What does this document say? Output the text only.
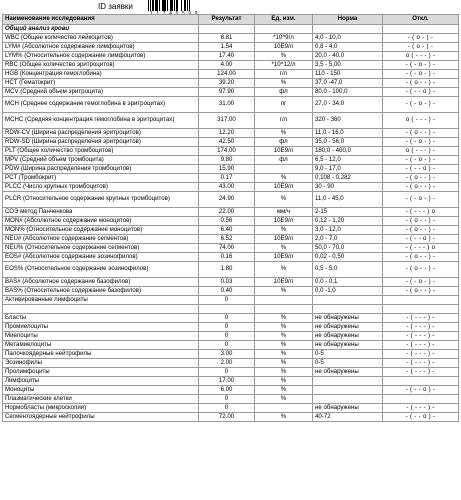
ID заявки
Наименование исследования	Результат	Ед. изм.	Норма	Откл.
Общий анализ крови				
WBC (Общее количество лейкоцитов)	8.81	*10^9/л	4,0 - 10,0	- ( o - ) -
LYM# (Абсолютное содержание лимфоцитов)	1.54	10E9/л	0,8 - 4,0	- ( o - ) -
LYM% (Относительное содержание лимфоцитов)	17.40	%	20,0 - 40,0	o ( - - - ) -
RBC (Общее количество эритроцитов)	4.00	*10^12/л	3,5 - 5,00	- ( - o - ) -
HGB (Концентрация гемоглобина)	124.00	г/л	110 - 150	- ( - o - ) -
HCT (Гематокрит)	39.20	%	37,0 -47,0	- ( o - - ) -
MCV (Средний объем эритроцита)	97.90	фл	80,0 - 100,0	- ( - - o ) -
MCH (Среднее содержание гемоглобина в эритроцитах)	31.00	пг	27,0 - 34,0	- ( - o - ) -
MCHC (Средняя концентрация гемоглобина в эритроцитах)	317.00	г/л	320 - 360	o ( - - - ) -
RDW-CV (Ширина распределения эритроцитов)	12.20	%	11,0 - 16,0	- ( o - - ) -
RDW-SD (Ширина распределения эритроцитов)	42.50	фл	35,0 - 56,0	- ( - o - ) -
PLT (Общее количество тромбоцитов)	174.00	10E9/л	180,0 - 400,0	o ( - - - ) -
MPV (Средний объем тромбоцита)	9.80	фл	6,5 - 12,0	- ( - o - ) -
PDW (Ширина распределения тромбоцитов)	15.90		9,0 - 17,0	- ( - - o ) -
PCT (Тромбокрит)	0.17	%	0,108 - 0,282	- ( o - - ) -
PLCC (Число крупных тромбоцитов)	43.00	10E9/л	30 - 90	- ( o - - ) -
PLCR (Относительное содержание крупных тромбоцитов)	24.90	%	11,0 - 45,0	- ( - o - ) -
СОЭ метод Панченкова	22.00	мм/ч	2-15	- ( - - - ) o
MON# (Абсолютное содержание моноцитов)	0.56	10E9/л	0,12 - 1,20	- ( o - - ) -
MON% (Относительное содержание моноцитов)	6.40	%	3,0 - 12,0	- ( o - - ) -
NEU# (Абсолютное содержание сегментов)	6.52	10E9/л	2,0 - 7,0	- ( - - o ) -
NEU% (Относительное содержание сегментов)	74.00	%	50,0 - 70,0	- ( - - - ) o
EOS# (Абсолютное содержание эозинофилов)	0.16	10E9/л	0,02 - 0,50	- ( o - - ) -
EOS% (Относительное содержание эозинофилов)	1.80	%	0,5 - 5,0	- ( o - - ) -
BAS# (Абсолютное содержание базофилов)	0.03	10E9/л	0,0 - 0,1	- ( - o - ) -
BAS% (Относительное содержание базофилов)	0.40	%	0,0 -1,0	- ( o - - ) -
Активированные лимфоциты	0			

Бласты	0	%	не обнаружены	- ( - - - ) -
Промиелоциты	0	%	не обнаружены	- ( - - - ) -
Миелоциты	0	%	не обнаружены	- ( - - - ) -
Метамиелоциты	0	%	не обнаружены	- ( - - - ) -
Палочкоядерные нейтрофилы	3.00	%	0-5	- ( - - - ) -
Эозинофилы	2.00	%	0-5	- ( - - - ) -
Пролимфоциты	0	%	не обнаружены	- ( - - - ) -
Лимфоциты	17.00	%		
Моноциты	6.00	%		- ( - - o ) -
Плазматические клетки	0	%		
Нормобласты (микроскопия)	0		не обнаружены	- ( - - - ) -
Сегментоядерные нейтрофилы	72.00	%	40-72	- ( - - o ) -
